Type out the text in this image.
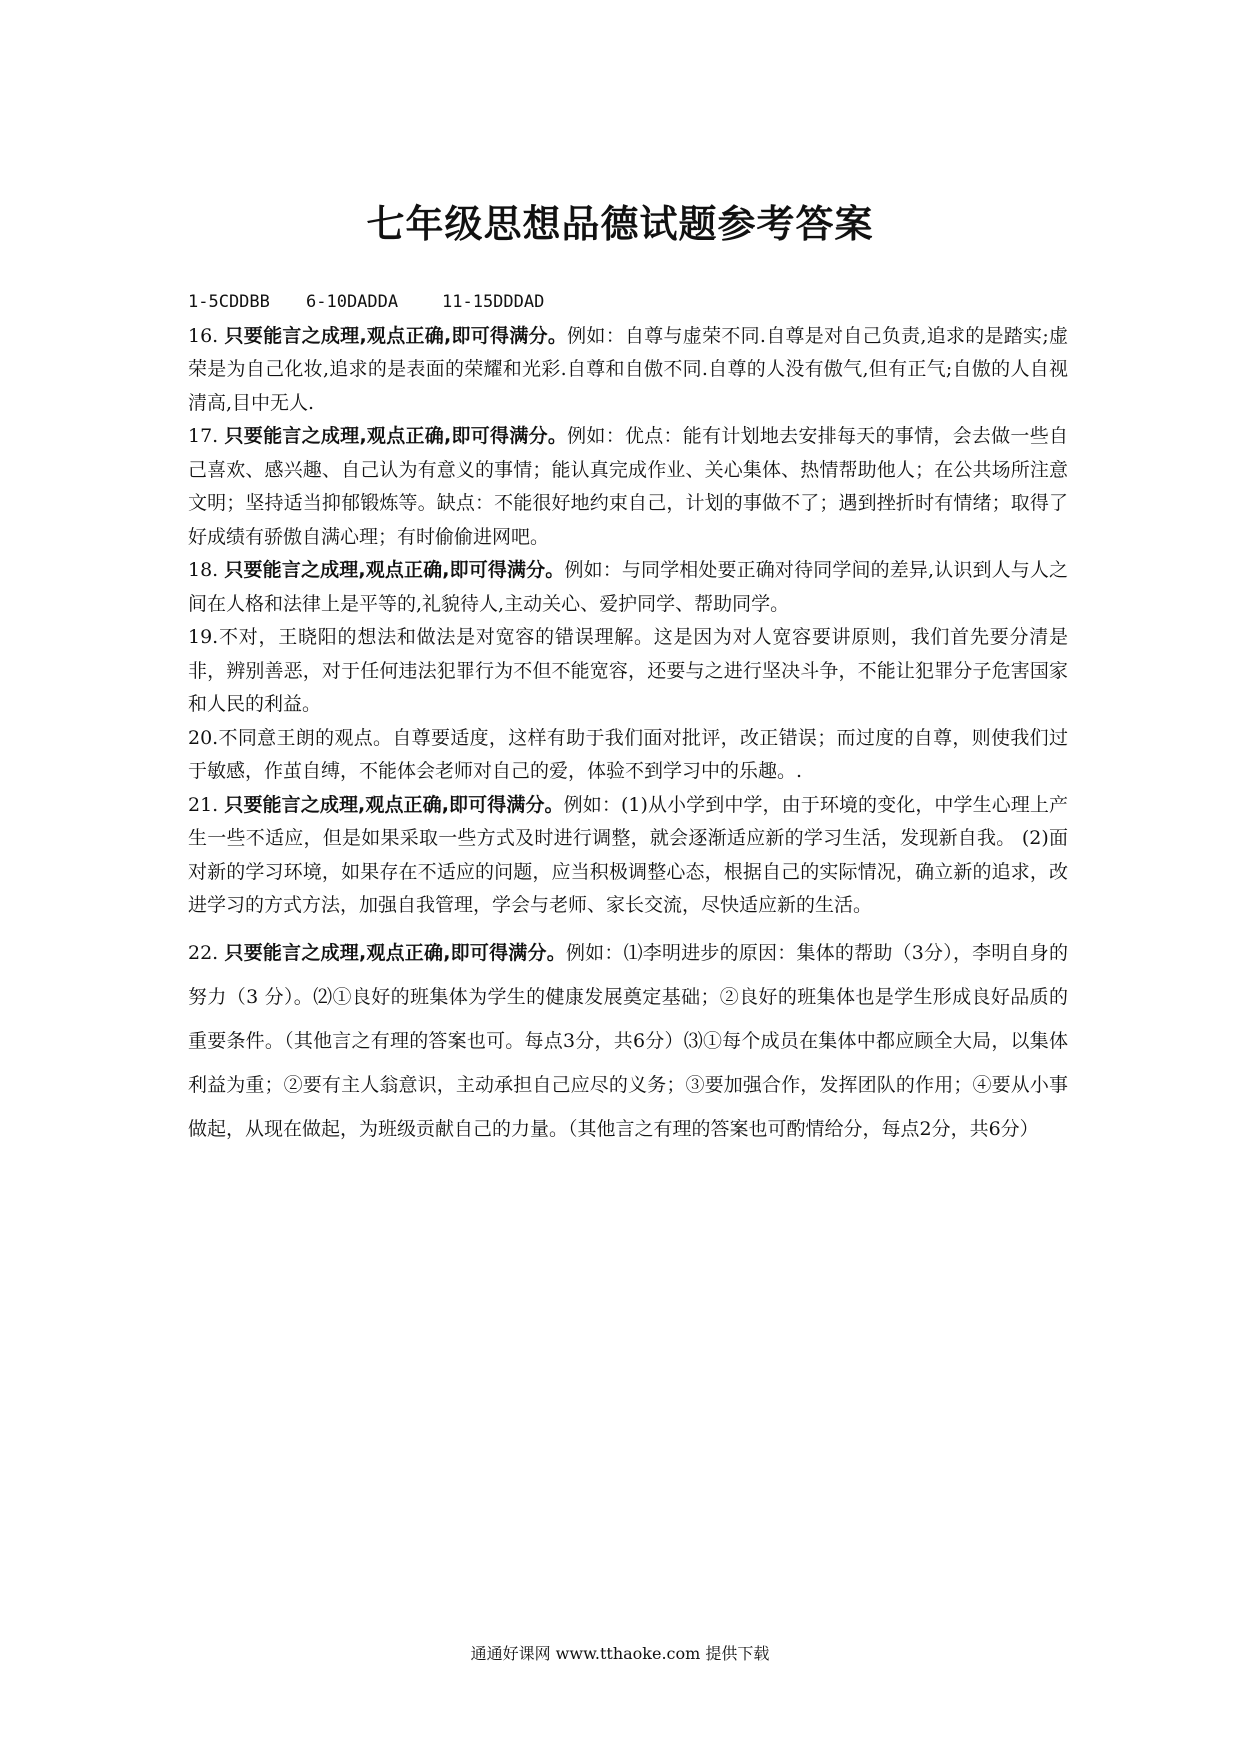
七年级思想品德试题参考答案
1-5CDDBB 6-10DADDA	11-15DDDAD

16. 只要能言之成理,观点正确,即可得满分。例如：自尊与虚荣不同.自尊是对自己负责,追求的是踏实;虚荣是为自己化妆,追求的是表面的荣耀和光彩.自尊和自傲不同.自尊的人没有傲气,但有正气;自傲的人自视清高,目中无人.

17. 只要能言之成理,观点正确,即可得满分。例如：优点：能有计划地去安排每天的事情，会去做一些自己喜欢、感兴趣、自己认为有意义的事情；能认真完成作业、关心集体、热情帮助他人；在公共场所注意文明；坚持适当抑郁锻炼等。缺点：不能很好地约束自己，计划的事做不了；遇到挫折时有情绪；取得了好成绩有骄傲自满心理；有时偷偷进网吧。

18. 只要能言之成理,观点正确,即可得满分。例如：与同学相处要正确对待同学间的差异,认识到人与人之间在人格和法律上是平等的,礼貌待人,主动关心、爱护同学、帮助同学。

19.不对，王晓阳的想法和做法是对宽容的错误理解。这是因为对人宽容要讲原则，我们首先要分清是非，辨别善恶，对于任何违法犯罪行为不但不能宽容，还要与之进行坚决斗争，不能让犯罪分子危害国家和人民的利益。

20.不同意王朗的观点。自尊要适度，这样有助于我们面对批评，改正错误；而过度的自尊，则使我们过于敏感，作茧自缚，不能体会老师对自己的爱，体验不到学习中的乐趣。.

21. 只要能言之成理,观点正确,即可得满分。例如：(1)从小学到中学，由于环境的变化，中学生心理上产生一些不适应，但是如果采取一些方式及时进行调整，就会逐渐适应新的学习生活，发现新自我。 (2)面对新的学习环境，如果存在不适应的问题，应当积极调整心态，根据自己的实际情况，确立新的追求，改进学习的方式方法，加强自我管理，学会与老师、家长交流，尽快适应新的生活。

22. 只要能言之成理,观点正确,即可得满分。例如：⑴李明进步的原因：集体的帮助（3分），李明自身的努力（3 分）。⑵①良好的班集体为学生的健康发展奠定基础；②良好的班集体也是学生形成良好品质的重要条件。（其他言之有理的答案也可。每点3分，共6分）⑶①每个成员在集体中都应顾全大局，以集体利益为重；②要有主人翁意识，主动承担自己应尽的义务；③要加强合作，发挥团队的作用；④要从小事做起，从现在做起，为班级贡献自己的力量。（其他言之有理的答案也可酌情给分，每点2分，共6分）

通通好课网 www.tthaoke.com 提供下载
